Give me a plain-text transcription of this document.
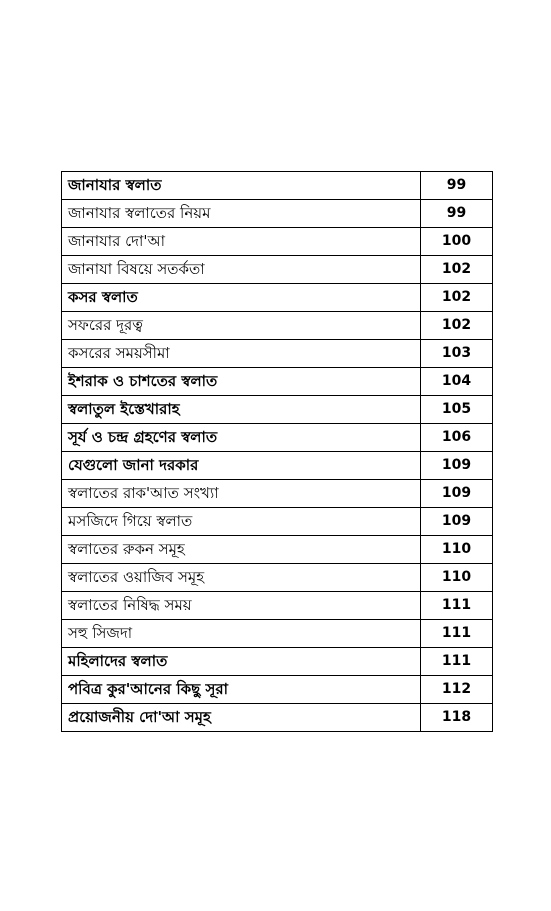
জানাযার স্বলাত	99
জানাযার স্বলাতের নিয়ম	99
জানাযার দো'আ	100
জানাযা বিষয়ে সতর্কতা	102
কসর স্বলাত	102
সফরের দূরত্ব	102
কসরের সময়সীমা	103
ইশরাক ও চাশতের স্বলাত	104
স্বলাতুল ইস্তেখারাহ	105
সূর্য ও চন্দ্র গ্রহণের স্বলাত	106
যেগুলো জানা দরকার	109
স্বলাতের রাক'আত সংখ্যা	109
মসজিদে গিয়ে স্বলাত	109
স্বলাতের রুকন সমূহ	110
স্বলাতের ওয়াজিব সমূহ	110
স্বলাতের নিষিদ্ধ সময়	111
সহু সিজদা	111
মহিলাদের স্বলাত	111
পবিত্র কুর'আনের কিছু সূরা	112
প্রয়োজনীয় দো'আ সমূহ	118
